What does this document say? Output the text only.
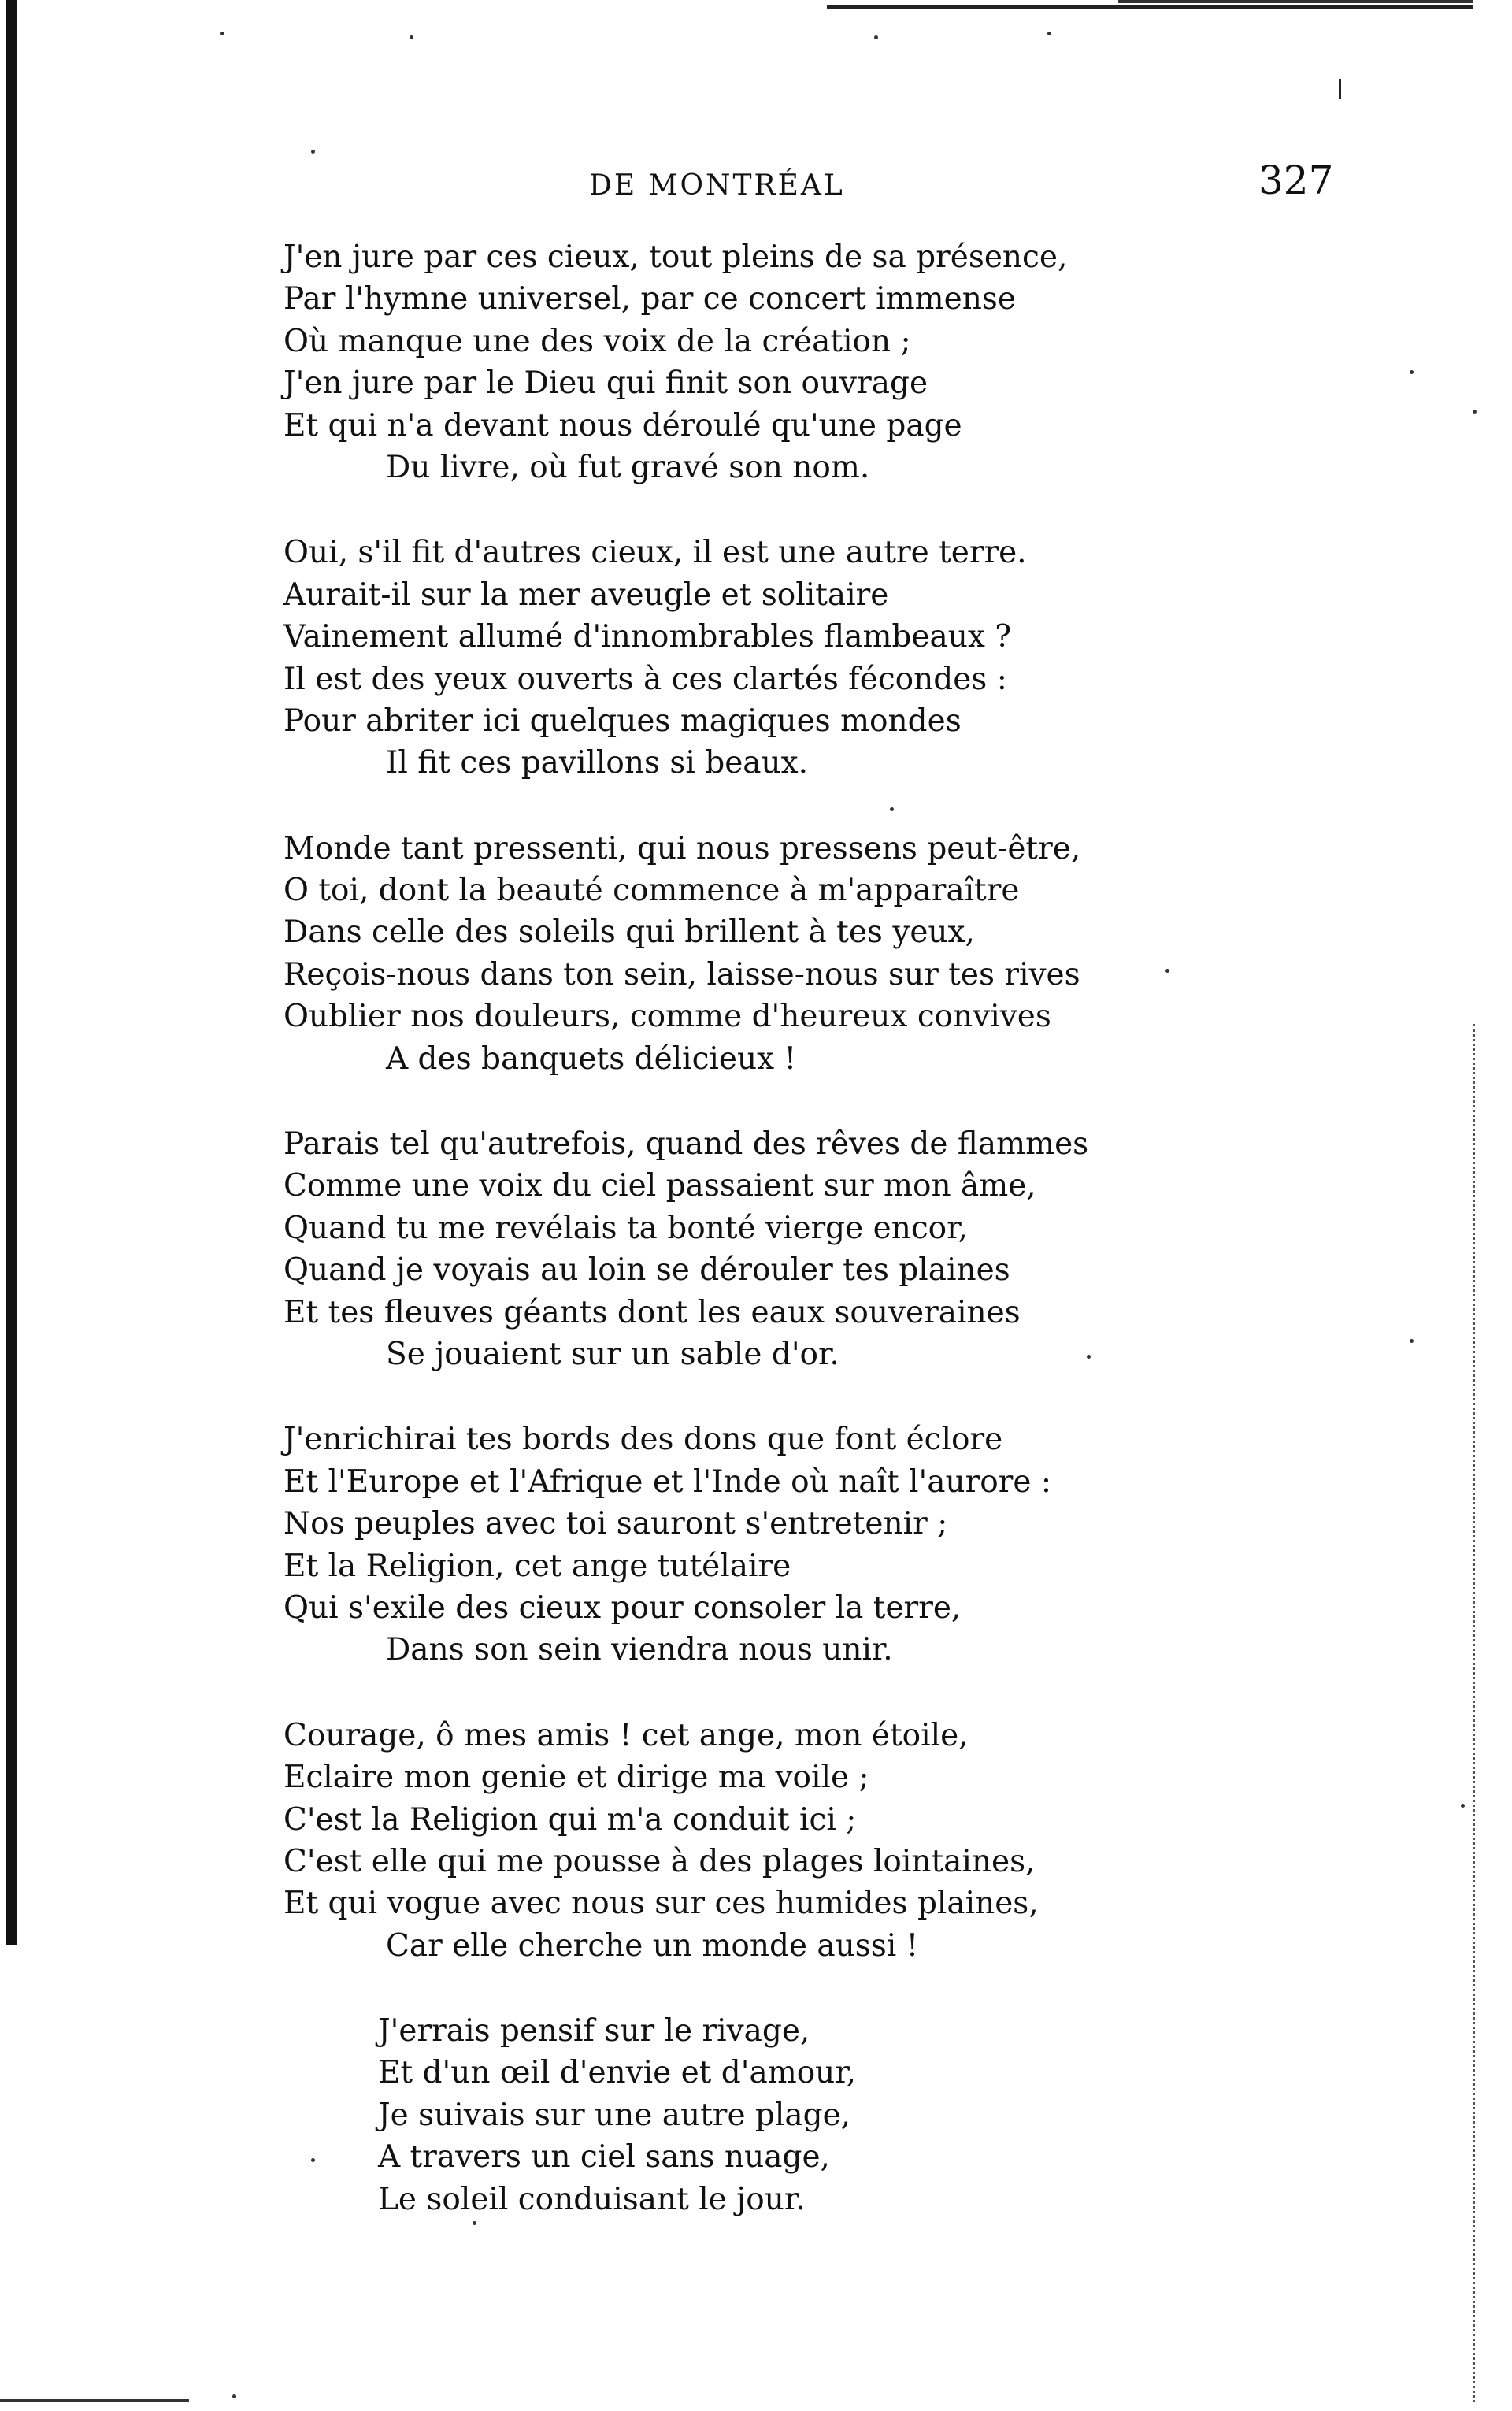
DE MONTRÉAL	327
J'en jure par ces cieux, tout pleins de sa présence,
Par l'hymne universel, par ce concert immense
Où manque une des voix de la création ;
J'en jure par le Dieu qui finit son ouvrage
Et qui n'a devant nous déroulé qu'une page
Du livre, où fut gravé son nom.
Oui, s'il fit d'autres cieux, il est une autre terre.
Aurait-il sur la mer aveugle et solitaire
Vainement allumé d'innombrables flambeaux ?
Il est des yeux ouverts à ces clartés fécondes :
Pour abriter ici quelques magiques mondes
Il fit ces pavillons si beaux.
Monde tant pressenti, qui nous pressens peut-être,
O toi, dont la beauté commence à m'apparaître
Dans celle des soleils qui brillent à tes yeux,
Reçois-nous dans ton sein, laisse-nous sur tes rives
Oublier nos douleurs, comme d'heureux convives
A des banquets délicieux !
Parais tel qu'autrefois, quand des rêves de flammes
Comme une voix du ciel passaient sur mon âme,
Quand tu me revélais ta bonté vierge encor,
Quand je voyais au loin se dérouler tes plaines
Et tes fleuves géants dont les eaux souveraines
Se jouaient sur un sable d'or.
J'enrichirai tes bords des dons que font éclore
Et l'Europe et l'Afrique et l'Inde où naît l'aurore :
Nos peuples avec toi sauront s'entretenir ;
Et la Religion, cet ange tutélaire
Qui s'exile des cieux pour consoler la terre,
Dans son sein viendra nous unir.
Courage, ô mes amis ! cet ange, mon étoile,
Eclaire mon genie et dirige ma voile ;
C'est la Religion qui m'a conduit ici ;
C'est elle qui me pousse à des plages lointaines,
Et qui vogue avec nous sur ces humides plaines,
Car elle cherche un monde aussi !
J'errais pensif sur le rivage,
Et d'un œil d'envie et d'amour,
Je suivais sur une autre plage,
A travers un ciel sans nuage,
Le soleil conduisant le jour.
